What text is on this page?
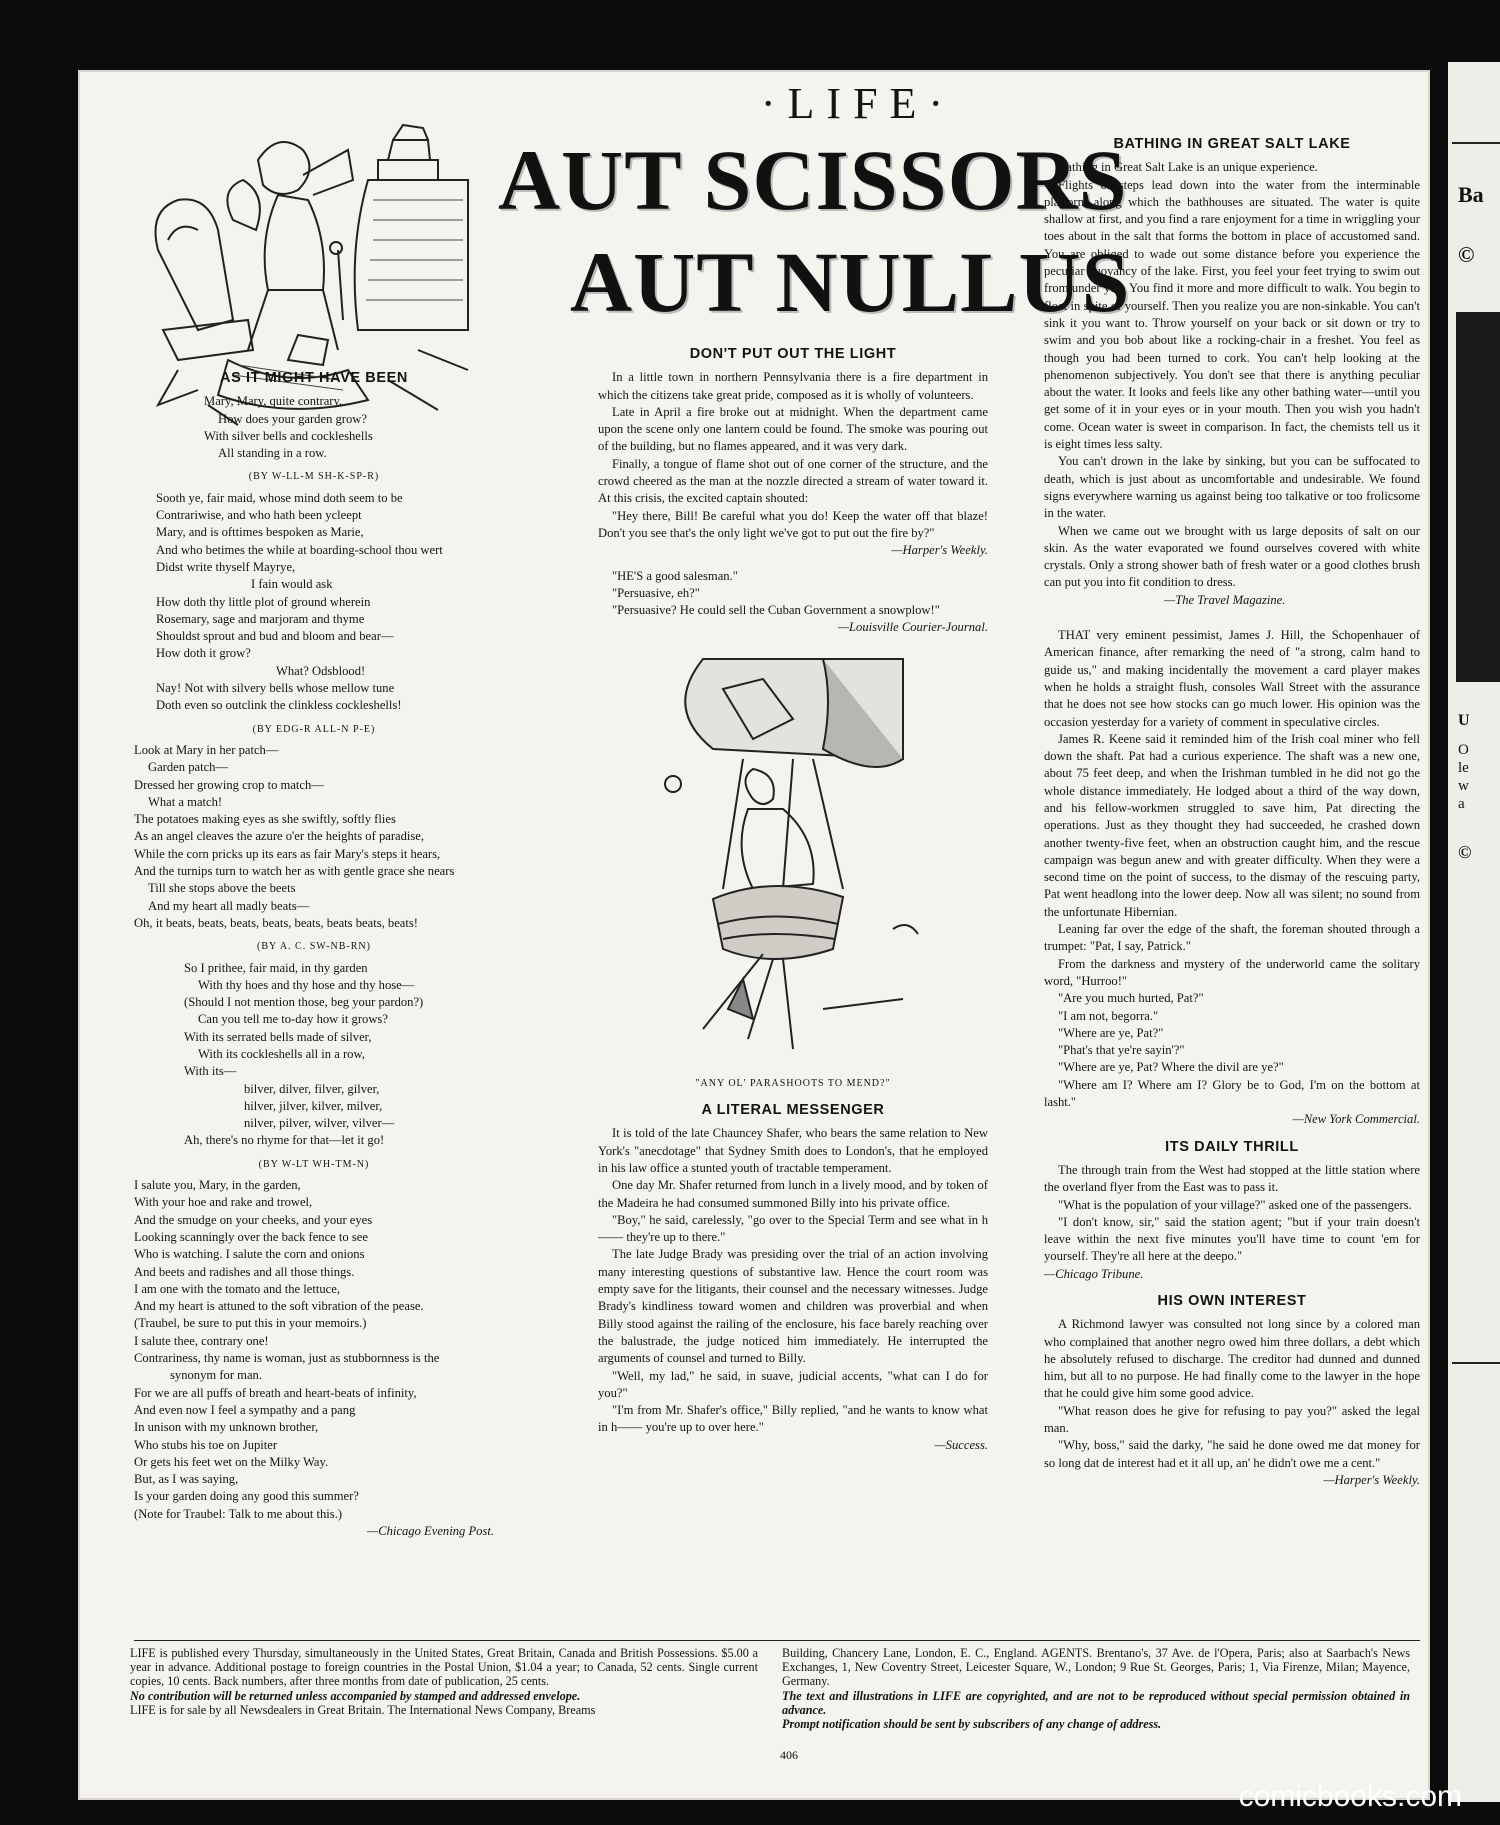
Ba
©
U
O
le
w
a
©
·LIFE·
AUT SCISSORS
AUT NULLUS
AS IT MIGHT HAVE BEEN
Mary, Mary, quite contrary,
How does your garden grow?
With silver bells and cockleshells
All standing in a row.
(BY W-LL-M SH-K-SP-R)
Sooth ye, fair maid, whose mind doth seem to be
Contrariwise, and who hath been ycleept
Mary, and is ofttimes bespoken as Marie,
And who betimes the while at boarding-school thou wert
Didst write thyself Mayrye,
I fain would ask
How doth thy little plot of ground wherein
Rosemary, sage and marjoram and thyme
Shouldst sprout and bud and bloom and bear—
How doth it grow?
What? Odsblood!
Nay! Not with silvery bells whose mellow tune
Doth even so outclink the clinkless cockleshells!
(BY EDG-R ALL-N P-E)
Look at Mary in her patch—
Garden patch—
Dressed her growing crop to match—
What a match!
The potatoes making eyes as she swiftly, softly flies
As an angel cleaves the azure o'er the heights of paradise,
While the corn pricks up its ears as fair Mary's steps it hears,
And the turnips turn to watch her as with gentle grace she nears
Till she stops above the beets
And my heart all madly beats—
Oh, it beats, beats, beats, beats, beats, beats beats, beats!
(BY A. C. SW-NB-RN)
So I prithee, fair maid, in thy garden
With thy hoes and thy hose and thy hose—
(Should I not mention those, beg your pardon?)
Can you tell me to-day how it grows?
With its serrated bells made of silver,
With its cockleshells all in a row,
With its—
bilver, dilver, filver, gilver,
hilver, jilver, kilver, milver,
nilver, pilver, wilver, vilver—
Ah, there's no rhyme for that—let it go!
(BY W-LT WH-TM-N)
I salute you, Mary, in the garden,
With your hoe and rake and trowel,
And the smudge on your cheeks, and your eyes
Looking scanningly over the back fence to see
Who is watching. I salute the corn and onions
And beets and radishes and all those things.
I am one with the tomato and the lettuce,
And my heart is attuned to the soft vibration of the pease.
(Traubel, be sure to put this in your memoirs.)
I salute thee, contrary one!
Contrariness, thy name is woman, just as stubbornness is the
synonym for man.
For we are all puffs of breath and heart-beats of infinity,
And even now I feel a sympathy and a pang
In unison with my unknown brother,
Who stubs his toe on Jupiter
Or gets his feet wet on the Milky Way.
But, as I was saying,
Is your garden doing any good this summer?
(Note for Traubel: Talk to me about this.)
—Chicago Evening Post.
DON'T PUT OUT THE LIGHT

In a little town in northern Pennsylvania there is a fire department in which the citizens take great pride, composed as it is wholly of volunteers.

Late in April a fire broke out at midnight. When the department came upon the scene only one lantern could be found. The smoke was pouring out of the building, but no flames appeared, and it was very dark.

Finally, a tongue of flame shot out of one corner of the structure, and the crowd cheered as the man at the nozzle directed a stream of water toward it. At this crisis, the excited captain shouted:

"Hey there, Bill! Be careful what you do! Keep the water off that blaze! Don't you see that's the only light we've got to put out the fire by?"

—Harper's Weekly.

"HE'S a good salesman."

"Persuasive, eh?"

"Persuasive? He could sell the Cuban Government a snowplow!"

—Louisville Courier-Journal.
"ANY OL' PARASHOOTS TO MEND?"
A LITERAL MESSENGER

It is told of the late Chauncey Shafer, who bears the same relation to New York's "anecdotage" that Sydney Smith does to London's, that he employed in his law office a stunted youth of tractable temperament.

One day Mr. Shafer returned from lunch in a lively mood, and by token of the Madeira he had consumed summoned Billy into his private office.

"Boy," he said, carelessly, "go over to the Special Term and see what in h—— they're up to there."

The late Judge Brady was presiding over the trial of an action involving many interesting questions of substantive law. Hence the court room was empty save for the litigants, their counsel and the necessary witnesses. Judge Brady's kindliness toward women and children was proverbial and when Billy stood against the railing of the enclosure, his face barely reaching over the balustrade, the judge noticed him immediately. He interrupted the arguments of counsel and turned to Billy.

"Well, my lad," he said, in suave, judicial accents, "what can I do for you?"

"I'm from Mr. Shafer's office," Billy replied, "and he wants to know what in h—— you're up to over here."

—Success.
BATHING IN GREAT SALT LAKE

Bathing in Great Salt Lake is an unique experience.

Flights of steps lead down into the water from the interminable platform along which the bathhouses are situated. The water is quite shallow at first, and you find a rare enjoyment for a time in wriggling your toes about in the salt that forms the bottom in place of accustomed sand. You are obliged to wade out some distance before you experience the peculiar buoyancy of the lake. First, you feel your feet trying to swim out from under you. You find it more and more difficult to walk. You begin to float in spite of yourself. Then you realize you are non-sinkable. You can't sink it you want to. Throw yourself on your back or sit down or try to swim and you bob about like a rocking-chair in a freshet. You feel as though you had been turned to cork. You can't help looking at the phenomenon subjectively. You don't see that there is anything peculiar about the water. It looks and feels like any other bathing water—until you get some of it in your eyes or in your mouth. Then you wish you hadn't come. Ocean water is sweet in comparison. In fact, the chemists tell us it is eight times less salty.

You can't drown in the lake by sinking, but you can be suffocated to death, which is just about as uncomfortable and undesirable. We found signs everywhere warning us against being too talkative or too frolicsome in the water.

When we came out we brought with us large deposits of salt on our skin. As the water evaporated we found ourselves covered with white crystals. Only a strong shower bath of fresh water or a good clothes brush can put you into fit condition to dress.

—The Travel Magazine.

THAT very eminent pessimist, James J. Hill, the Schopenhauer of American finance, after remarking the need of "a strong, calm hand to guide us," and making incidentally the movement a card player makes when he holds a straight flush, consoles Wall Street with the assurance that he does not see how stocks can go much lower. His opinion was the occasion yesterday for a variety of comment in speculative circles.

James R. Keene said it reminded him of the Irish coal miner who fell down the shaft. Pat had a curious experience. The shaft was a new one, about 75 feet deep, and when the Irishman tumbled in he did not go the whole distance immediately. He lodged about a third of the way down, and his fellow-workmen struggled to save him, Pat directing the operations. Just as they thought they had succeeded, he crashed down another twenty-five feet, when an obstruction caught him, and the rescue campaign was begun anew and with greater difficulty. When they were a second time on the point of success, to the dismay of the rescuing party, Pat went headlong into the lower deep. Now all was silent; no sound from the unfortunate Hibernian.

Leaning far over the edge of the shaft, the foreman shouted through a trumpet: "Pat, I say, Patrick."

From the darkness and mystery of the underworld came the solitary word, "Hurroo!"

"Are you much hurted, Pat?"

"I am not, begorra."

"Where are ye, Pat?"

"Phat's that ye're sayin'?"

"Where are ye, Pat? Where the divil are ye?"

"Where am I? Where am I? Glory be to God, I'm on the bottom at lasht."

—New York Commercial.
ITS DAILY THRILL

The through train from the West had stopped at the little station where the overland flyer from the East was to pass it.

"What is the population of your village?" asked one of the passengers.

"I don't know, sir," said the station agent; "but if your train doesn't leave within the next five minutes you'll have time to count 'em for yourself. They're all here at the deepo."

—Chicago Tribune.
HIS OWN INTEREST

A Richmond lawyer was consulted not long since by a colored man who complained that another negro owed him three dollars, a debt which he absolutely refused to discharge. The creditor had dunned and dunned him, but all to no purpose. He had finally come to the lawyer in the hope that he could give him some good advice.

"What reason does he give for refusing to pay you?" asked the legal man.

"Why, boss," said the darky, "he said he done owed me dat money for so long dat de interest had et it all up, an' he didn't owe me a cent."

—Harper's Weekly.

LIFE is published every Thursday, simultaneously in the United States, Great Britain, Canada and British Possessions. $5.00 a year in advance. Additional postage to foreign countries in the Postal Union, $1.04 a year; to Canada, 52 cents. Single current copies, 10 cents. Back numbers, after three months from date of publication, 25 cents.

No contribution will be returned unless accompanied by stamped and addressed envelope.

LIFE is for sale by all Newsdealers in Great Britain. The International News Company, Breams

Building, Chancery Lane, London, E. C., England. AGENTS. Brentano's, 37 Ave. de l'Opera, Paris; also at Saarbach's News Exchanges, 1, New Coventry Street, Leicester Square, W., London; 9 Rue St. Georges, Paris; 1, Via Firenze, Milan; Mayence, Germany.

The text and illustrations in LIFE are copyrighted, and are not to be reproduced without special permission obtained in advance.

Prompt notification should be sent by subscribers of any change of address.

406
comicbooks.com
